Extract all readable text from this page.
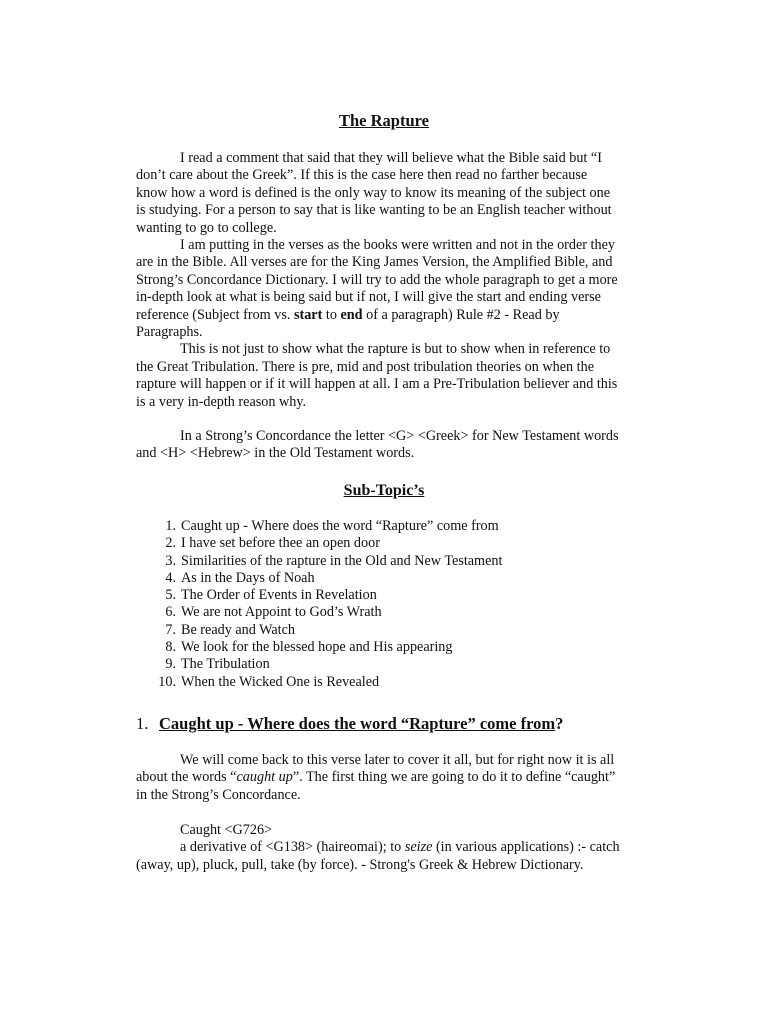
The Rapture

I read a comment that said that they will believe what the Bible said but “I don’t care about the Greek”. If this is the case here then read no farther because know how a word is defined is the only way to know its meaning of the subject one is studying. For a person to say that is like wanting to be an English teacher without wanting to go to college.

I am putting in the verses as the books were written and not in the order they are in the Bible. All verses are for the King James Version, the Amplified Bible, and Strong’s Concordance Dictionary. I will try to add the whole paragraph to get a more in-depth look at what is being said but if not, I will give the start and ending verse reference (Subject from vs. start to end of a paragraph) Rule #2 - Read by Paragraphs.

This is not just to show what the rapture is but to show when in reference to the Great Tribulation. There is pre, mid and post tribulation theories on when the rapture will happen or if it will happen at all. I am a Pre-Tribulation believer and this is a very in-depth reason why.

In a Strong’s Concordance the letter <G> <Greek> for New Testament words and <H> <Hebrew> in the Old Testament words.

Sub-Topic’s
1. Caught up - Where does the word “Rapture” come from
2. I have set before thee an open door
3. Similarities of the rapture in the Old and New Testament
4. As in the Days of Noah
5. The Order of Events in Revelation
6. We are not Appoint to God’s Wrath
7. Be ready and Watch
8. We look for the blessed hope and His appearing
9. The Tribulation
10. When the Wicked One is Revealed
1. Caught up - Where does the word “Rapture” come from?

We will come back to this verse later to cover it all, but for right now it is all about the words “caught up”. The first thing we are going to do it to define “caught” in the Strong’s Concordance.

Caught <G726>

a derivative of <G138> (haireomai); to seize (in various applications) :- catch (away, up), pluck, pull, take (by force). - Strong's Greek & Hebrew Dictionary.
